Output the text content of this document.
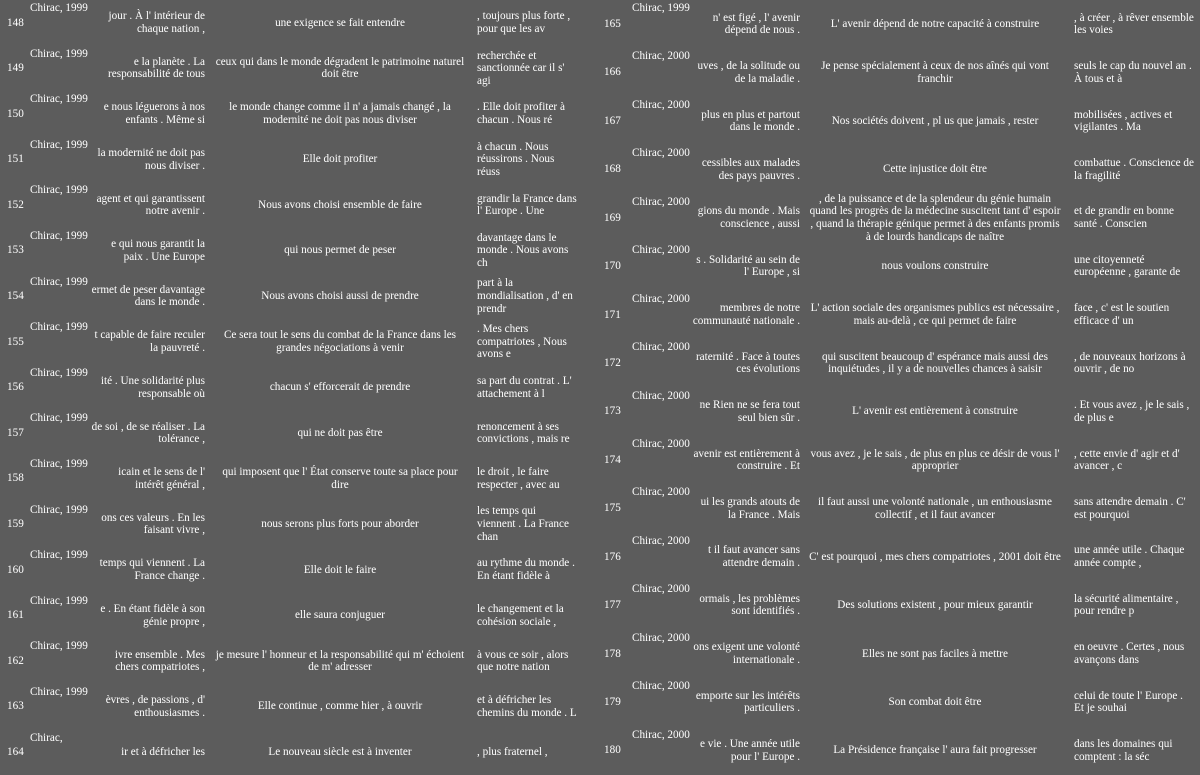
148
Chirac, 1999
jour . À l' intérieur de chaque nation ,
une exigence se fait entendre
, toujours plus forte , pour que les av
149
Chirac, 1999
e la planète . La responsabilité de tous
ceux qui dans le monde dégradent le patrimoine naturel doit être
recherchée et sanctionnée car il s' agi
150
Chirac, 1999
e nous léguerons à nos enfants . Même si
le monde change comme il n' a jamais changé , la modernité ne doit pas nous diviser
. Elle doit profiter à chacun . Nous ré
151
Chirac, 1999
la modernité ne doit pas nous diviser .
Elle doit profiter
à chacun . Nous réussirons . Nous réuss
152
Chirac, 1999
agent et qui garantissent notre avenir .
Nous avons choisi ensemble de faire
grandir la France dans l' Europe . Une
153
Chirac, 1999
e qui nous garantit la paix . Une Europe
qui nous permet de peser
davantage dans le monde . Nous avons ch
154
Chirac, 1999
ermet de peser davantage dans le monde .
Nous avons choisi aussi de prendre
part à la mondialisation , d' en prendr
155
Chirac, 1999
t capable de faire reculer la pauvreté .
Ce sera tout le sens du combat de la France dans les grandes négociations à venir
. Mes chers compatriotes , Nous avons e
156
Chirac, 1999
ité . Une solidarité plus responsable où
chacun s' efforcerait de prendre
sa part du contrat . L' attachement à l
157
Chirac, 1999
de soi , de se réaliser . La tolérance ,
qui ne doit pas être
renoncement à ses convictions , mais re
158
Chirac, 1999
icain et le sens de l' intérêt général ,
qui imposent que l' État conserve toute sa place pour dire
le droit , le faire respecter , avec au
159
Chirac, 1999
ons ces valeurs . En les faisant vivre ,
nous serons plus forts pour aborder
les temps qui viennent . La France chan
160
Chirac, 1999
temps qui viennent . La France change .
Elle doit le faire
au rythme du monde . En étant fidèle à
161
Chirac, 1999
e . En étant fidèle à son génie propre ,
elle saura conjuguer
le changement et la cohésion sociale ,
162
Chirac, 1999
ivre ensemble . Mes chers compatriotes ,
je mesure l' honneur et la responsabilité qui m' échoient de m' adresser
à vous ce soir , alors que notre nation
163
Chirac, 1999
èvres , de passions , d' enthousiasmes .
Elle continue , comme hier , à ouvrir
et à défricher les chemins du monde . L
164
Chirac,
ir et à défricher les	Le nouveau siècle est à inventer	, plus fraternel ,
165
Chirac, 1999
n' est figé , l' avenir dépend de nous .
L' avenir dépend de notre capacité à construire
, à créer , à rêver ensemble les voies
166
Chirac, 2000
uves , de la solitude ou de la maladie .
Je pense spécialement à ceux de nos aînés qui vont franchir
seuls le cap du nouvel an . À tous et à
167
Chirac, 2000
plus en plus et partout dans le monde .
Nos sociétés doivent , pl us que jamais , rester
mobilisées , actives et vigilantes . Ma
168
Chirac, 2000
cessibles aux malades des pays pauvres .
Cette injustice doit être
combattue . Conscience de la fragilité
169
Chirac, 2000
gions du monde . Mais conscience , aussi
, de la puissance et de la splendeur du génie humain quand les progrès de la médecine suscitent tant d' espoir , quand la thérapie génique permet à des enfants promis à de lourds handicaps de naître
et de grandir en bonne santé . Conscien
170
Chirac, 2000
s . Solidarité au sein de l' Europe , si
nous voulons construire
une citoyenneté européenne , garante de
171
Chirac, 2000
membres de notre communauté nationale .
L' action sociale des organismes publics est nécessaire , mais au-delà , ce qui permet de faire
face , c' est le soutien efficace d' un
172
Chirac, 2000
raternité . Face à toutes ces évolutions
qui suscitent beaucoup d' espérance mais aussi des inquiétudes , il y a de nouvelles chances à saisir
, de nouveaux horizons à ouvrir , de no
173
Chirac, 2000
ne Rien ne se fera tout seul bien sûr .
L' avenir est entièrement à construire
. Et vous avez , je le sais , de plus e
174
Chirac, 2000
avenir est entièrement à construire . Et
vous avez , je le sais , de plus en plus ce désir de vous l' approprier
, cette envie d' agir et d' avancer , c
175
Chirac, 2000
ui les grands atouts de la France . Mais
il faut aussi une volonté nationale , un enthousiasme collectif , et il faut avancer
sans attendre demain . C' est pourquoi
176
Chirac, 2000
t il faut avancer sans attendre demain .
C' est pourquoi , mes chers compatriotes , 2001 doit être
une année utile . Chaque année compte ,
177
Chirac, 2000
ormais , les problèmes sont identifiés .
Des solutions existent , pour mieux garantir
la sécurité alimentaire , pour rendre p
178
Chirac, 2000
ons exigent une volonté internationale .
Elles ne sont pas faciles à mettre
en oeuvre . Certes , nous avançons dans
179
Chirac, 2000
emporte sur les intérêts particuliers .
Son combat doit être
celui de toute l' Europe . Et je souhai
180
Chirac, 2000
e vie . Une année utile pour l' Europe .
La Présidence française l' aura fait progresser
dans les domaines qui comptent : la séc
